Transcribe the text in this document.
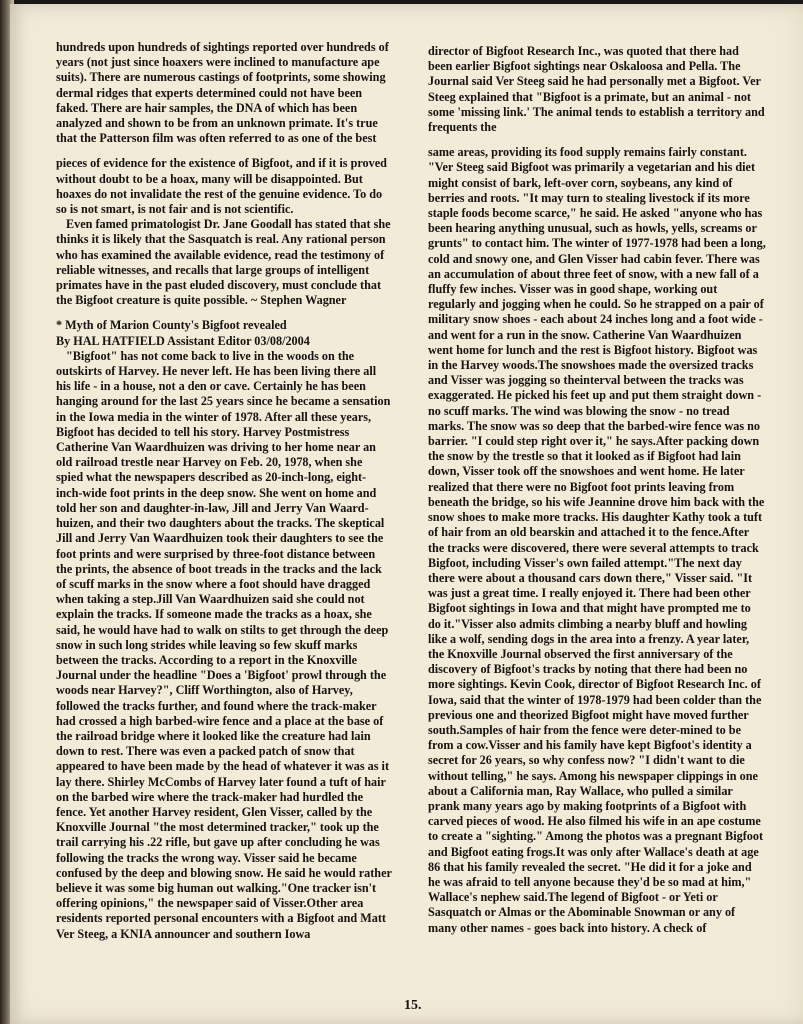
hundreds upon hundreds of sightings reported over hundreds of years (not just since hoaxers were inclined to manufacture ape suits). There are numerous castings of footprints, some showing dermal ridges that experts determined could not have been faked. There are hair samples, the DNA of which has been analyzed and shown to be from an unknown primate. It's true that the Patterson film was often referred to as one of the best

pieces of evidence for the existence of Bigfoot, and if it is proved without doubt to be a hoax, many will be disappointed. But hoaxes do not invalidate the rest of the genuine evidence. To do so is not smart, is not fair and is not scientific.

Even famed primatologist Dr. Jane Goodall has stated that she thinks it is likely that the Sasquatch is real. Any rational person who has examined the available evidence, read the testimony of reliable witnesses, and recalls that large groups of intelligent primates have in the past eluded discovery, must conclude that the Bigfoot creature is quite possible. ~ Stephen Wagner

* Myth of Marion County's Bigfoot revealed

By HAL HATFIELD Assistant Editor 03/08/2004

"Bigfoot" has not come back to live in the woods on the outskirts of Harvey. He never left. He has been living there all his life - in a house, not a den or cave. Certainly he has been hanging around for the last 25 years since he became a sensation in the Iowa media in the winter of 1978. After all these years, Bigfoot has decided to tell his story. Harvey Postmistress Catherine Van Waardhuizen was driving to her home near an old railroad trestle near Harvey on Feb. 20, 1978, when she spied what the newspapers described as 20-inch-long, eight-inch-wide foot prints in the deep snow. She went on home and told her son and daughter-in-law, Jill and Jerry Van Waard-huizen, and their two daughters about the tracks. The skeptical Jill and Jerry Van Waardhuizen took their daughters to see the foot prints and were surprised by three-foot distance between the prints, the absence of boot treads in the tracks and the lack of scuff marks in the snow where a foot should have dragged when taking a step.Jill Van Waardhuizen said she could not explain the tracks. If someone made the tracks as a hoax, she said, he would have had to walk on stilts to get through the deep snow in such long strides while leaving so few skuff marks between the tracks. According to a report in the Knoxville Journal under the headline "Does a 'Bigfoot' prowl through the woods near Harvey?", Cliff Worthington, also of Harvey, followed the tracks further, and found where the track-maker had crossed a high barbed-wire fence and a place at the base of the railroad bridge where it looked like the creature had lain down to rest. There was even a packed patch of snow that appeared to have been made by the head of whatever it was as it lay there. Shirley McCombs of Harvey later found a tuft of hair on the barbed wire where the track-maker had hurdled the fence. Yet another Harvey resident, Glen Visser, called by the Knoxville Journal "the most determined tracker," took up the trail carrying his .22 rifle, but gave up after concluding he was following the tracks the wrong way. Visser said he became confused by the deep and blowing snow. He said he would rather believe it was some big human out walking."One tracker isn't offering opinions," the newspaper said of Visser.Other area residents reported personal encounters with a Bigfoot and Matt Ver Steeg, a KNIA announcer and southern Iowa

director of Bigfoot Research Inc., was quoted that there had been earlier Bigfoot sightings near Oskaloosa and Pella. The Journal said Ver Steeg said he had personally met a Bigfoot. Ver Steeg explained that "Bigfoot is a primate, but an animal - not some 'missing link.' The animal tends to establish a territory and frequents the

same areas, providing its food supply remains fairly constant. "Ver Steeg said Bigfoot was primarily a vegetarian and his diet might consist of bark, left-over corn, soybeans, any kind of berries and roots. "It may turn to stealing livestock if its more staple foods become scarce," he said. He asked "anyone who has been hearing anything unusual, such as howls, yells, screams or grunts" to contact him. The winter of 1977-1978 had been a long, cold and snowy one, and Glen Visser had cabin fever. There was an accumulation of about three feet of snow, with a new fall of a fluffy few inches. Visser was in good shape, working out regularly and jogging when he could. So he strapped on a pair of military snow shoes - each about 24 inches long and a foot wide - and went for a run in the snow. Catherine Van Waardhuizen went home for lunch and the rest is Bigfoot history. Bigfoot was in the Harvey woods.The snowshoes made the oversized tracks and Visser was jogging so theinterval between the tracks was exaggerated. He picked his feet up and put them straight down - no scuff marks. The wind was blowing the snow - no tread marks. The snow was so deep that the barbed-wire fence was no barrier. "I could step right over it," he says.After packing down the snow by the trestle so that it looked as if Bigfoot had lain down, Visser took off the snowshoes and went home. He later realized that there were no Bigfoot foot prints leaving from beneath the bridge, so his wife Jeannine drove him back with the snow shoes to make more tracks. His daughter Kathy took a tuft of hair from an old bearskin and attached it to the fence.After the tracks were discovered, there were several attempts to track Bigfoot, including Visser's own failed attempt."The next day there were about a thousand cars down there," Visser said. "It was just a great time. I really enjoyed it. There had been other Bigfoot sightings in Iowa and that might have prompted me to do it."Visser also admits climbing a nearby bluff and howling like a wolf, sending dogs in the area into a frenzy. A year later, the Knoxville Journal observed the first anniversary of the discovery of Bigfoot's tracks by noting that there had been no more sightings. Kevin Cook, director of Bigfoot Research Inc. of Iowa, said that the winter of 1978-1979 had been colder than the previous one and theorized Bigfoot might have moved further south.Samples of hair from the fence were deter-mined to be from a cow.Visser and his family have kept Bigfoot's identity a secret for 26 years, so why confess now? "I didn't want to die without telling," he says. Among his newspaper clippings in one about a California man, Ray Wallace, who pulled a similar prank many years ago by making footprints of a Bigfoot with carved pieces of wood. He also filmed his wife in an ape costume to create a "sighting." Among the photos was a pregnant Bigfoot and Bigfoot eating frogs.It was only after Wallace's death at age 86 that his family revealed the secret. "He did it for a joke and he was afraid to tell anyone because they'd be so mad at him," Wallace's nephew said.The legend of Bigfoot - or Yeti or Sasquatch or Almas or the Abominable Snowman or any of many other names - goes back into history. A check of

15.
